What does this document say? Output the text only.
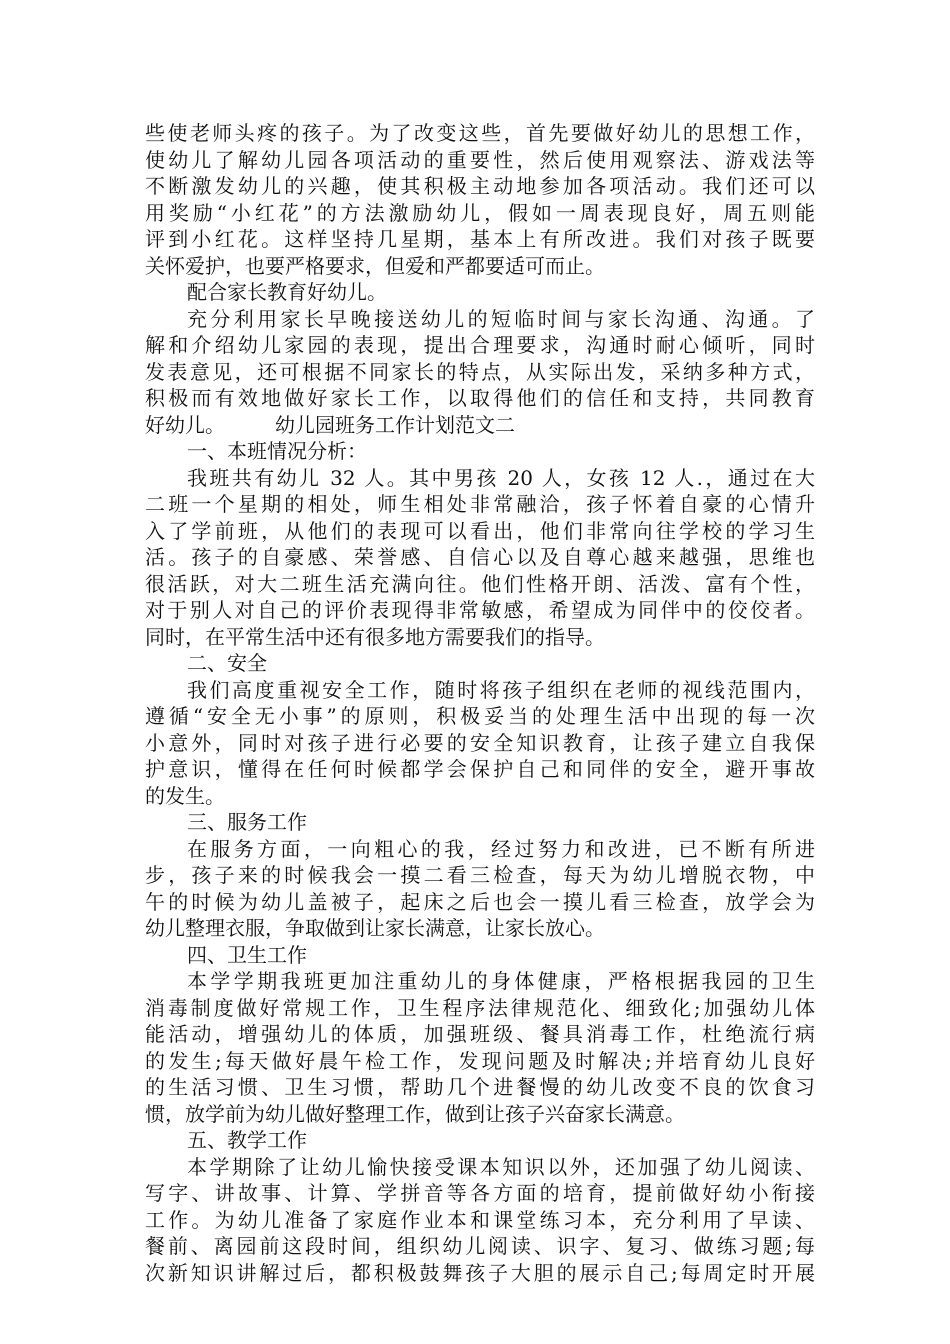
些使老师头疼的孩子。为了改变这些，首先要做好幼儿的思想工作，
使幼儿了解幼儿园各项活动的重要性，然后使用观察法、游戏法等
不断激发幼儿的兴趣，使其积极主动地参加各项活动。我们还可以
用奖励“小红花”的方法激励幼儿，假如一周表现良好，周五则能
评到小红花。这样坚持几星期，基本上有所改进。我们对孩子既要
关怀爱护，也要严格要求，但爱和严都要适可而止。
配合家长教育好幼儿。
充分利用家长早晚接送幼儿的短临时间与家长沟通、沟通。了
解和介绍幼儿家园的表现，提出合理要求，沟通时耐心倾听，同时
发表意见，还可根据不同家长的特点，从实际出发，采纳多种方式，
积极而有效地做好家长工作，以取得他们的信任和支持，共同教育
好幼儿。　　　幼儿园班务工作计划范文二
一、本班情况分析：
我班共有幼儿 32 人。其中男孩 20 人，女孩 12 人.，通过在大
二班一个星期的相处，师生相处非常融洽，孩子怀着自豪的心情升
入了学前班，从他们的表现可以看出，他们非常向往学校的学习生
活。孩子的自豪感、荣誉感、自信心以及自尊心越来越强，思维也
很活跃，对大二班生活充满向往。他们性格开朗、活泼、富有个性，
对于别人对自己的评价表现得非常敏感，希望成为同伴中的佼佼者。
同时，在平常生活中还有很多地方需要我们的指导。
二、安全
我们高度重视安全工作，随时将孩子组织在老师的视线范围内，
遵循“安全无小事”的原则，积极妥当的处理生活中出现的每一次
小意外，同时对孩子进行必要的安全知识教育，让孩子建立自我保
护意识，懂得在任何时候都学会保护自己和同伴的安全，避开事故
的发生。
三、服务工作
在服务方面，一向粗心的我，经过努力和改进，已不断有所进
步，孩子来的时候我会一摸二看三检查，每天为幼儿增脱衣物，中
午的时候为幼儿盖被子，起床之后也会一摸儿看三检查，放学会为
幼儿整理衣服，争取做到让家长满意，让家长放心。
四、卫生工作
本学学期我班更加注重幼儿的身体健康，严格根据我园的卫生
消毒制度做好常规工作，卫生程序法律规范化、细致化;加强幼儿体
能活动，增强幼儿的体质，加强班级、餐具消毒工作，杜绝流行病
的发生;每天做好晨午检工作，发现问题及时解决;并培育幼儿良好
的生活习惯、卫生习惯，帮助几个进餐慢的幼儿改变不良的饮食习
惯，放学前为幼儿做好整理工作，做到让孩子兴奋家长满意。
五、教学工作
本学期除了让幼儿愉快接受课本知识以外，还加强了幼儿阅读、
写字、讲故事、计算、学拼音等各方面的培育，提前做好幼小衔接
工作。为幼儿准备了家庭作业本和课堂练习本，充分利用了早读、
餐前、离园前这段时间，组织幼儿阅读、识字、复习、做练习题;每
次新知识讲解过后，都积极鼓舞孩子大胆的展示自己;每周定时开展
